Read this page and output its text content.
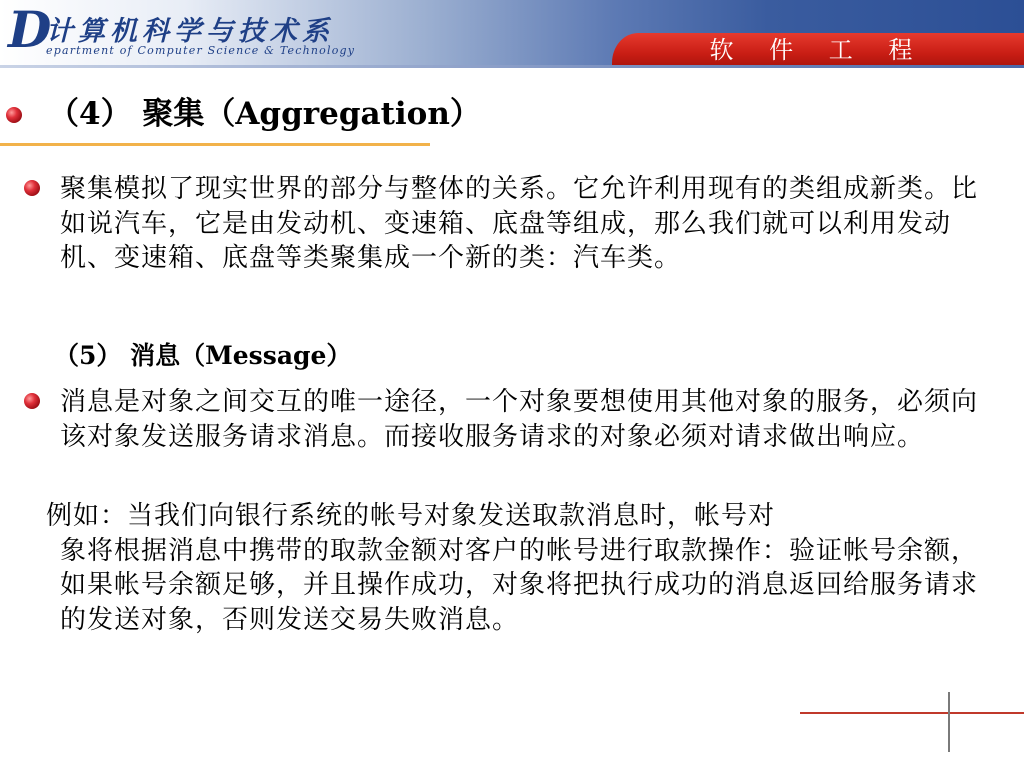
D
计算机科学与技术系
epartment of Computer Science & Technology	软 件 工 程
（4） 聚集（Aggregation）

聚集模拟了现实世界的部分与整体的关系。它允许利用现有的类组成新类。比如说汽车，它是由发动机、变速箱、底盘等组成，那么我们就可以利用发动机、变速箱、底盘等类聚集成一个新的类：汽车类。

（5） 消息（Message）

消息是对象之间交互的唯一途径，一个对象要想使用其他对象的服务，必须向该对象发送服务请求消息。而接收服务请求的对象必须对请求做出响应。

例如：当我们向银行系统的帐号对象发送取款消息时，帐号对
象将根据消息中携带的取款金额对客户的帐号进行取款操作：验证帐号余额，如果帐号余额足够，并且操作成功，对象将把执行成功的消息返回给服务请求的发送对象，否则发送交易失败消息。
